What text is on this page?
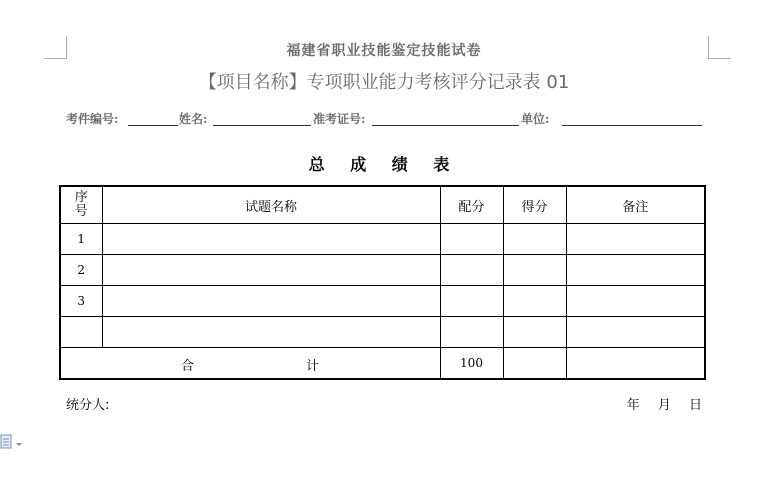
福建省职业技能鉴定技能试卷
【项目名称】专项职业能力考核评分记录表 01
考件编号:	姓名:	准考证号:	单位:
总 成 绩 表
序
号	试题名称	配分	得分	备注
1				
2				
3				

合 计		100		
统分人:	年 月 日
